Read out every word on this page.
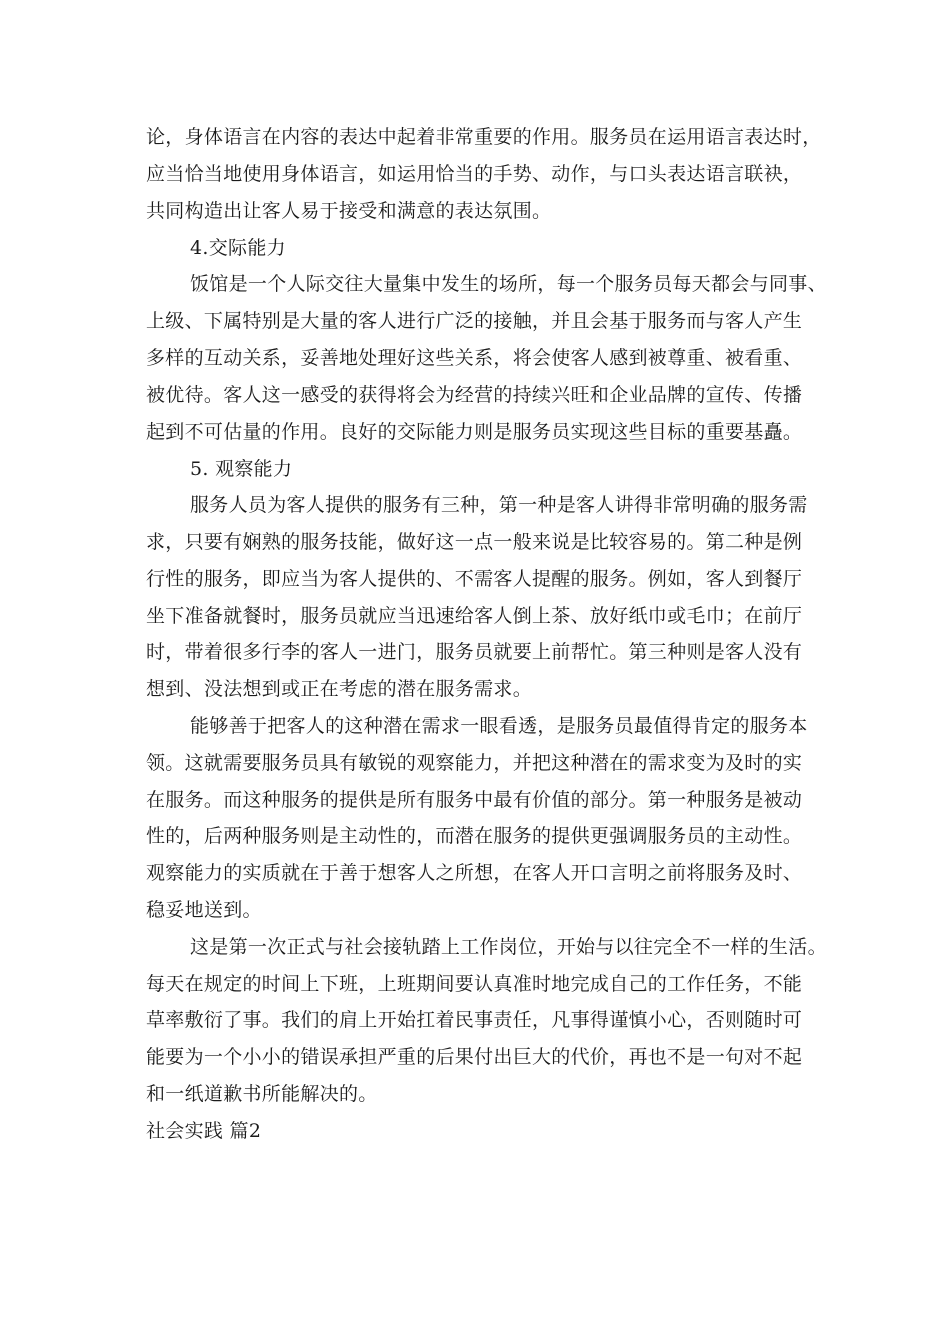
论，身体语言在内容的表达中起着非常重要的作用。服务员在运用语言表达时，
应当恰当地使用身体语言，如运用恰当的手势、动作，与口头表达语言联袂，
共同构造出让客人易于接受和满意的表达氛围。
4.交际能力
饭馆是一个人际交往大量集中发生的场所，每一个服务员每天都会与同事、
上级、下属特别是大量的客人进行广泛的接触，并且会基于服务而与客人产生
多样的互动关系，妥善地处理好这些关系，将会使客人感到被尊重、被看重、
被优待。客人这一感受的获得将会为经营的持续兴旺和企业品牌的宣传、传播
起到不可估量的作用。良好的交际能力则是服务员实现这些目标的重要基矗。
5. 观察能力
服务人员为客人提供的服务有三种，第一种是客人讲得非常明确的服务需
求，只要有娴熟的服务技能，做好这一点一般来说是比较容易的。第二种是例
行性的服务，即应当为客人提供的、不需客人提醒的服务。例如，客人到餐厅
坐下准备就餐时，服务员就应当迅速给客人倒上茶、放好纸巾或毛巾；在前厅
时，带着很多行李的客人一进门，服务员就要上前帮忙。第三种则是客人没有
想到、没法想到或正在考虑的潜在服务需求。
能够善于把客人的这种潜在需求一眼看透，是服务员最值得肯定的服务本
领。这就需要服务员具有敏锐的观察能力，并把这种潜在的需求变为及时的实
在服务。而这种服务的提供是所有服务中最有价值的部分。第一种服务是被动
性的，后两种服务则是主动性的，而潜在服务的提供更强调服务员的主动性。
观察能力的实质就在于善于想客人之所想，在客人开口言明之前将服务及时、
稳妥地送到。
这是第一次正式与社会接轨踏上工作岗位，开始与以往完全不一样的生活。
每天在规定的时间上下班，上班期间要认真准时地完成自己的工作任务，不能
草率敷衍了事。我们的肩上开始扛着民事责任，凡事得谨慎小心，否则随时可
能要为一个小小的错误承担严重的后果付出巨大的代价，再也不是一句对不起
和一纸道歉书所能解决的。
社会实践 篇2
